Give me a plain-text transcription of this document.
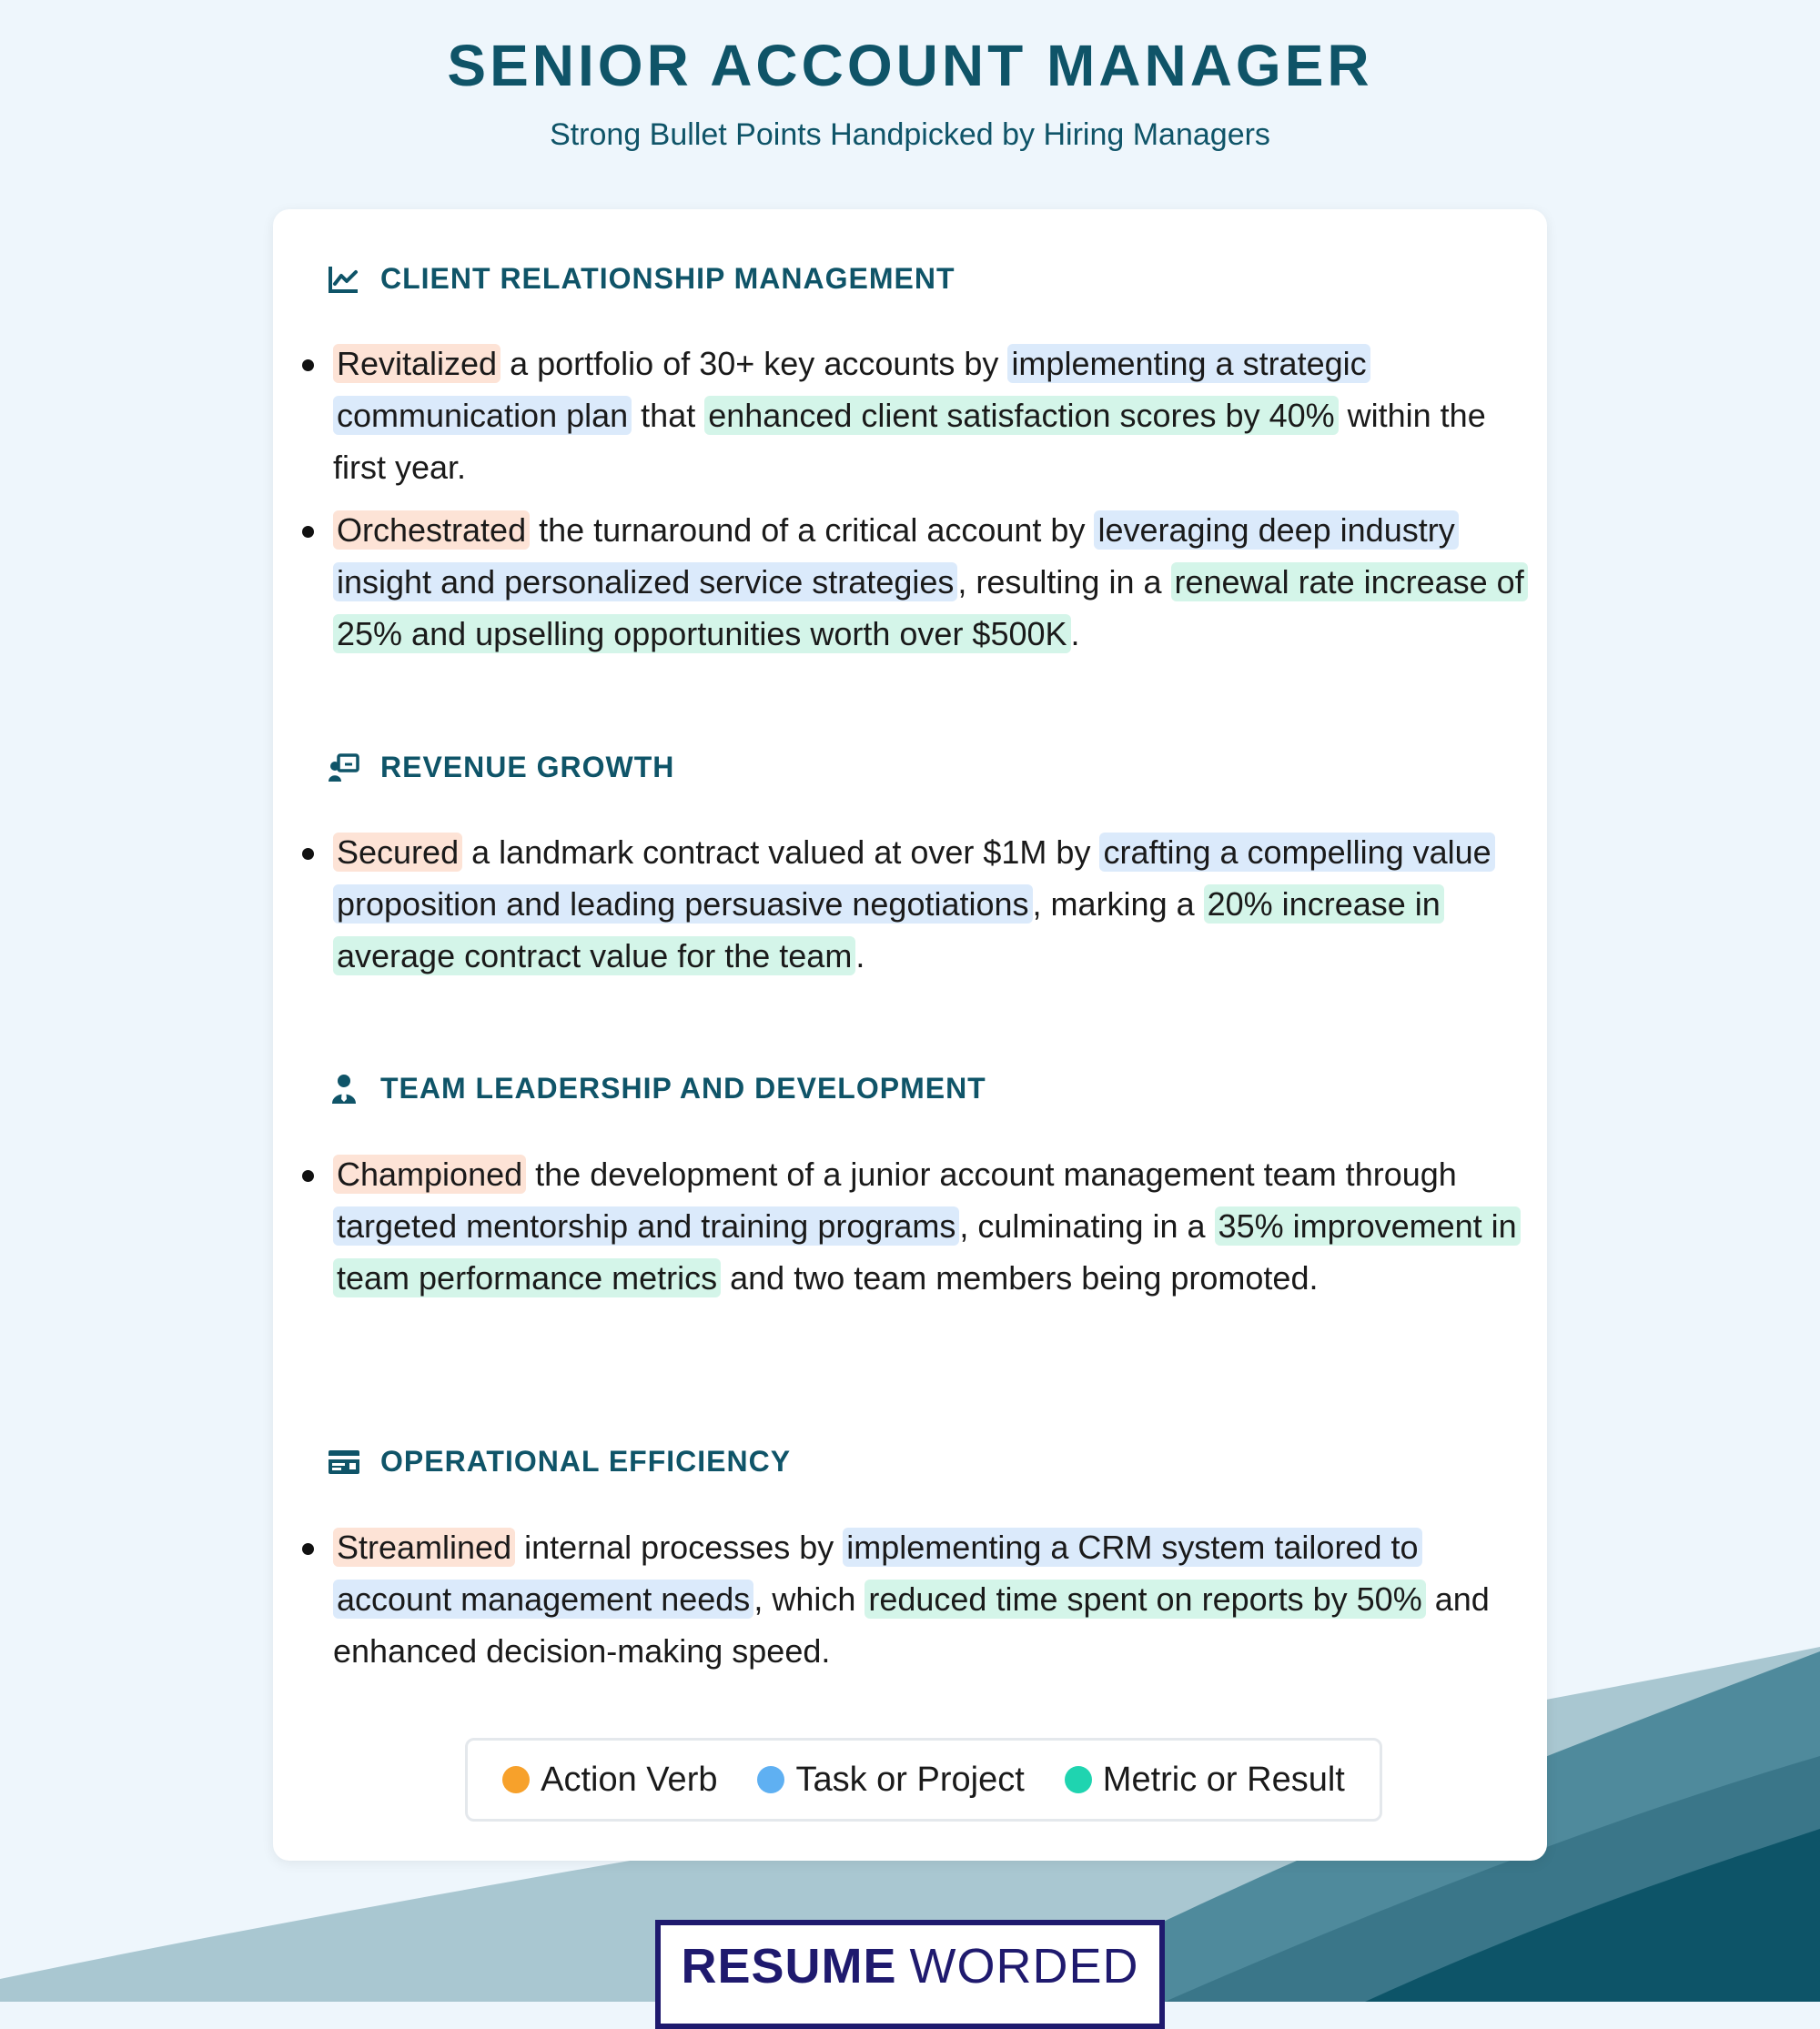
SENIOR ACCOUNT MANAGER
Strong Bullet Points Handpicked by Hiring Managers
CLIENT RELATIONSHIP MANAGEMENT
Revitalized a portfolio of 30+ key accounts by implementing a strategic communication plan that enhanced client satisfaction scores by 40% within the first year.
Orchestrated the turnaround of a critical account by leveraging deep industry insight and personalized service strategies , resulting in a renewal rate increase of 25% and upselling opportunities worth over $500K .
REVENUE GROWTH
Secured a landmark contract valued at over $1M by crafting a compelling value proposition and leading persuasive negotiations , marking a 20% increase in average contract value for the team .
TEAM LEADERSHIP AND DEVELOPMENT
Championed the development of a junior account management team through targeted mentorship and training programs , culminating in a 35% improvement in team performance metrics and two team members being promoted.
OPERATIONAL EFFICIENCY
Streamlined internal processes by implementing a CRM system tailored to account management needs , which reduced time spent on reports by 50% and enhanced decision-making speed.
Action Verb Task or Project Metric or Result
RESUME WORDED
